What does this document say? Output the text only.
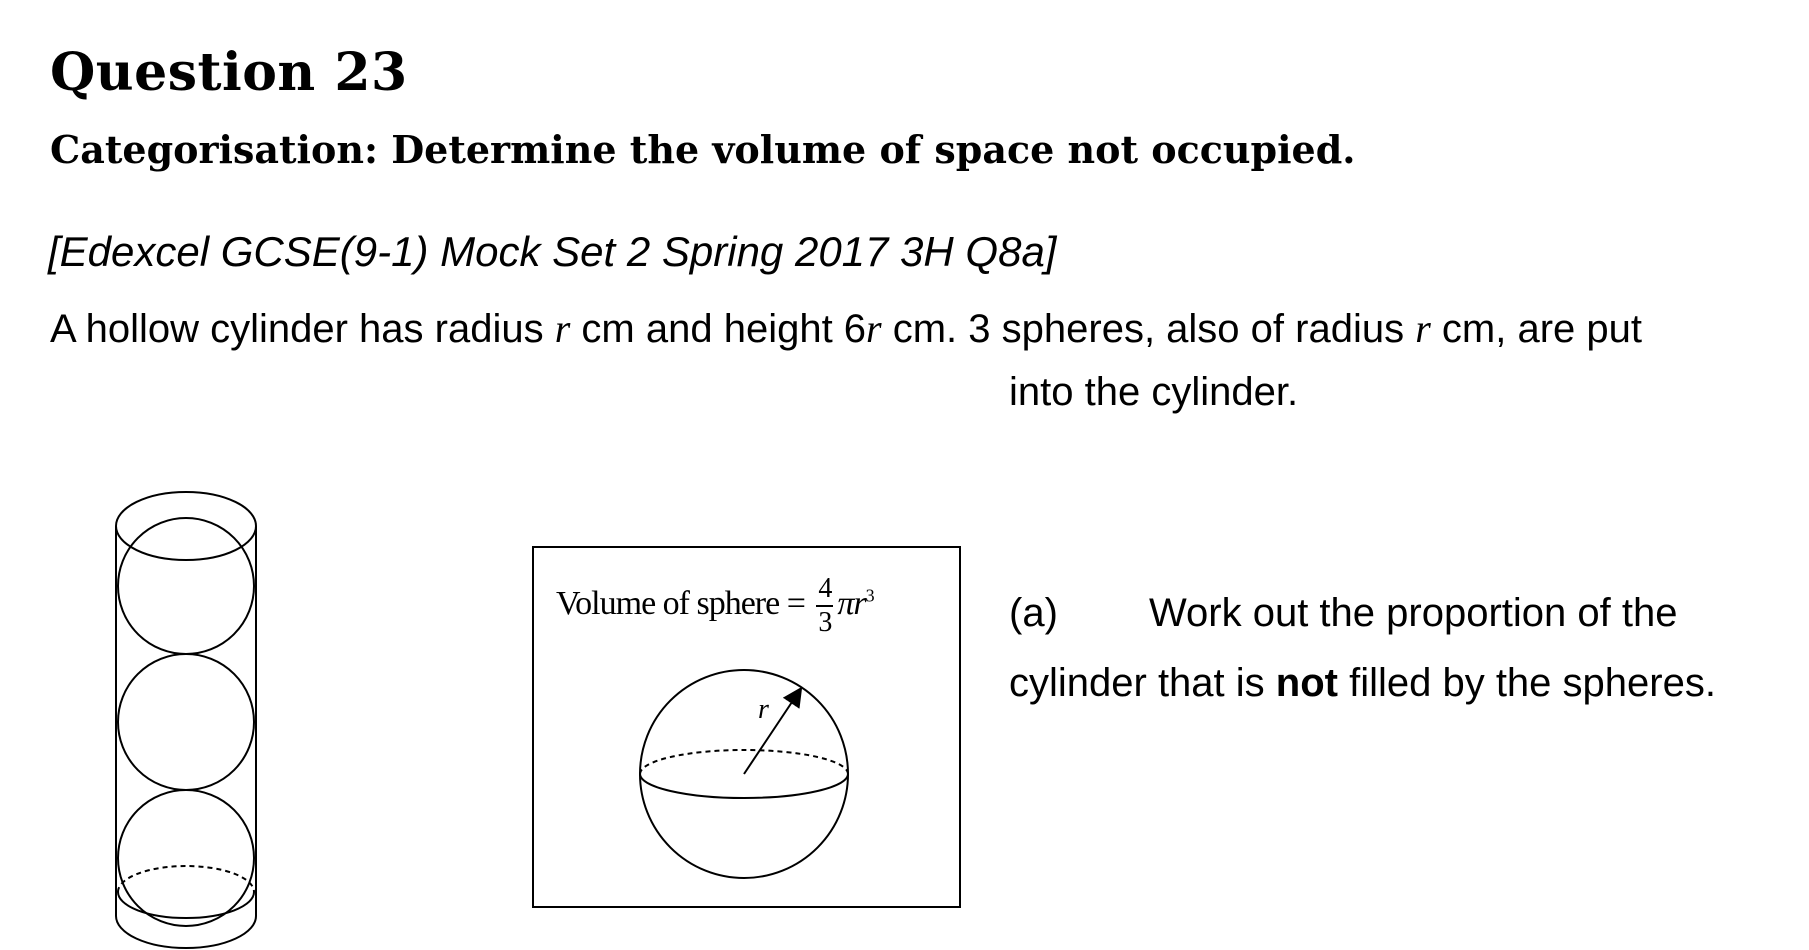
Question 23
Categorisation: Determine the volume of space not occupied.
[Edexcel GCSE(9-1) Mock Set 2 Spring 2017 3H Q8a]
A hollow cylinder has radius r cm and height 6r cm. 3 spheres, also of radius r cm, are put
into the cylinder.
Volume of sphere = $\frac{4}{3} \pi r^3$
r
(a) Work out the proportion of the cylinder that is not filled by the spheres.
